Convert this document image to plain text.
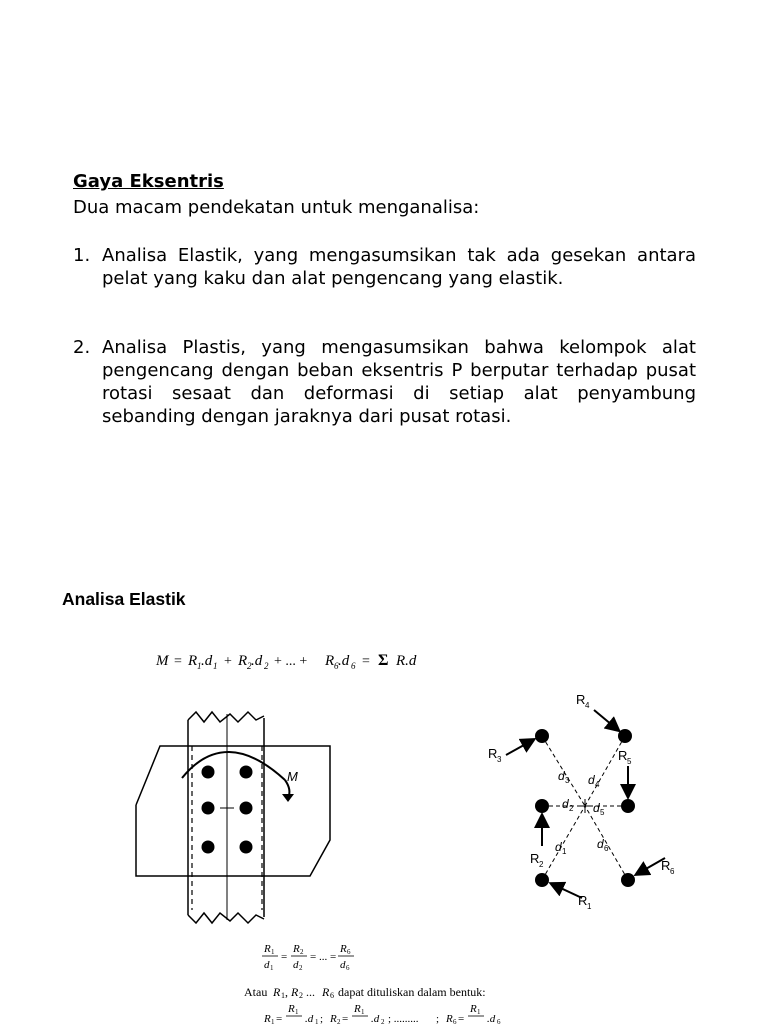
Gaya Eksentris
Dua macam pendekatan untuk menganalisa:
1. Analisa Elastik, yang mengasumsikan tak ada gesekan antara pelat yang kaku dan alat pengencang yang elastik.
2. Analisa Plastis, yang mengasumsikan bahwa kelompok alat pengencang dengan beban eksentris P berputar terhadap pusat rotasi sesaat dan deformasi di setiap alat penyambung sebanding dengan jaraknya dari pusat rotasi.
Analisa Elastik
M = R 1 .d 1 + R 2 .d 2 + ... + R 6 .d 6 = Σ R.d
M
R 4
R 3	R 5
R 2
R 1
R 6
d 3 d 4
d 2 d 5
d 1
d 6
R 1
d 1
=
R 2
d 2
= ... =
R 6
d 6
Atau R 1 , R 2 ... R 6 dapat dituliskan dalam bentuk:
R 1 =
R 1
.d 1 ; R 2 =
R 1
.d 2 ; ......... ; R 6 =
R 1
.d 6
